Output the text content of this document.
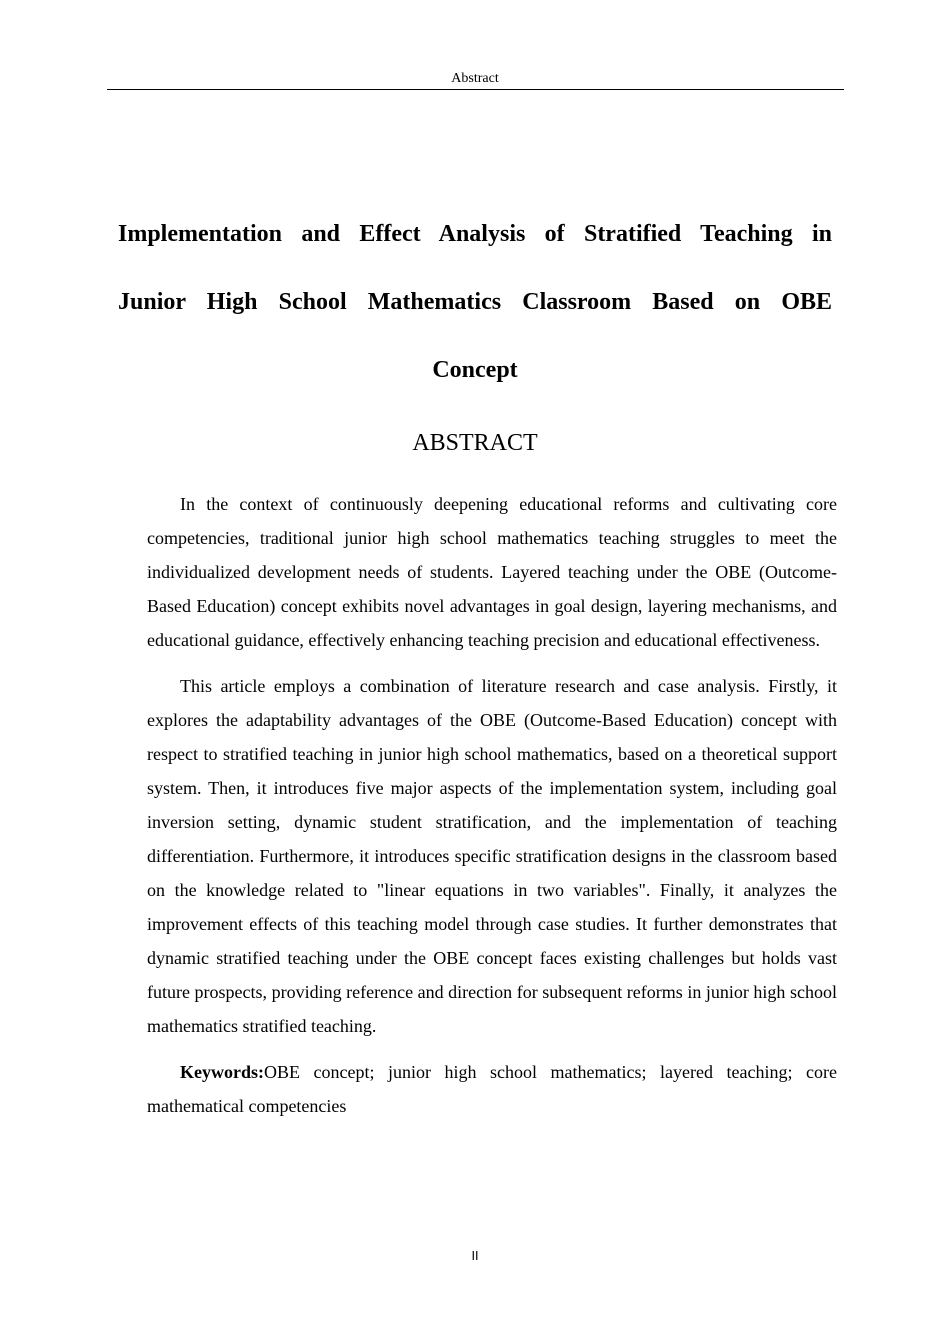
Abstract
Implementation and Effect Analysis of Stratified Teaching in Junior High School Mathematics Classroom Based on OBE Concept
ABSTRACT

In the context of continuously deepening educational reforms and cultivating core competencies, traditional junior high school mathematics teaching struggles to meet the individualized development needs of students. Layered teaching under the OBE (Outcome-Based Education) concept exhibits novel advantages in goal design, layering mechanisms, and educational guidance, effectively enhancing teaching precision and educational effectiveness.

This article employs a combination of literature research and case analysis. Firstly, it explores the adaptability advantages of the OBE (Outcome-Based Education) concept with respect to stratified teaching in junior high school mathematics, based on a theoretical support system. Then, it introduces five major aspects of the implementation system, including goal inversion setting, dynamic student stratification, and the implementation of teaching differentiation. Furthermore, it introduces specific stratification designs in the classroom based on the knowledge related to "linear equations in two variables". Finally, it analyzes the improvement effects of this teaching model through case studies. It further demonstrates that dynamic stratified teaching under the OBE concept faces existing challenges but holds vast future prospects, providing reference and direction for subsequent reforms in junior high school mathematics stratified teaching.

Keywords:OBE concept; junior high school mathematics; layered teaching; core mathematical competencies

II
